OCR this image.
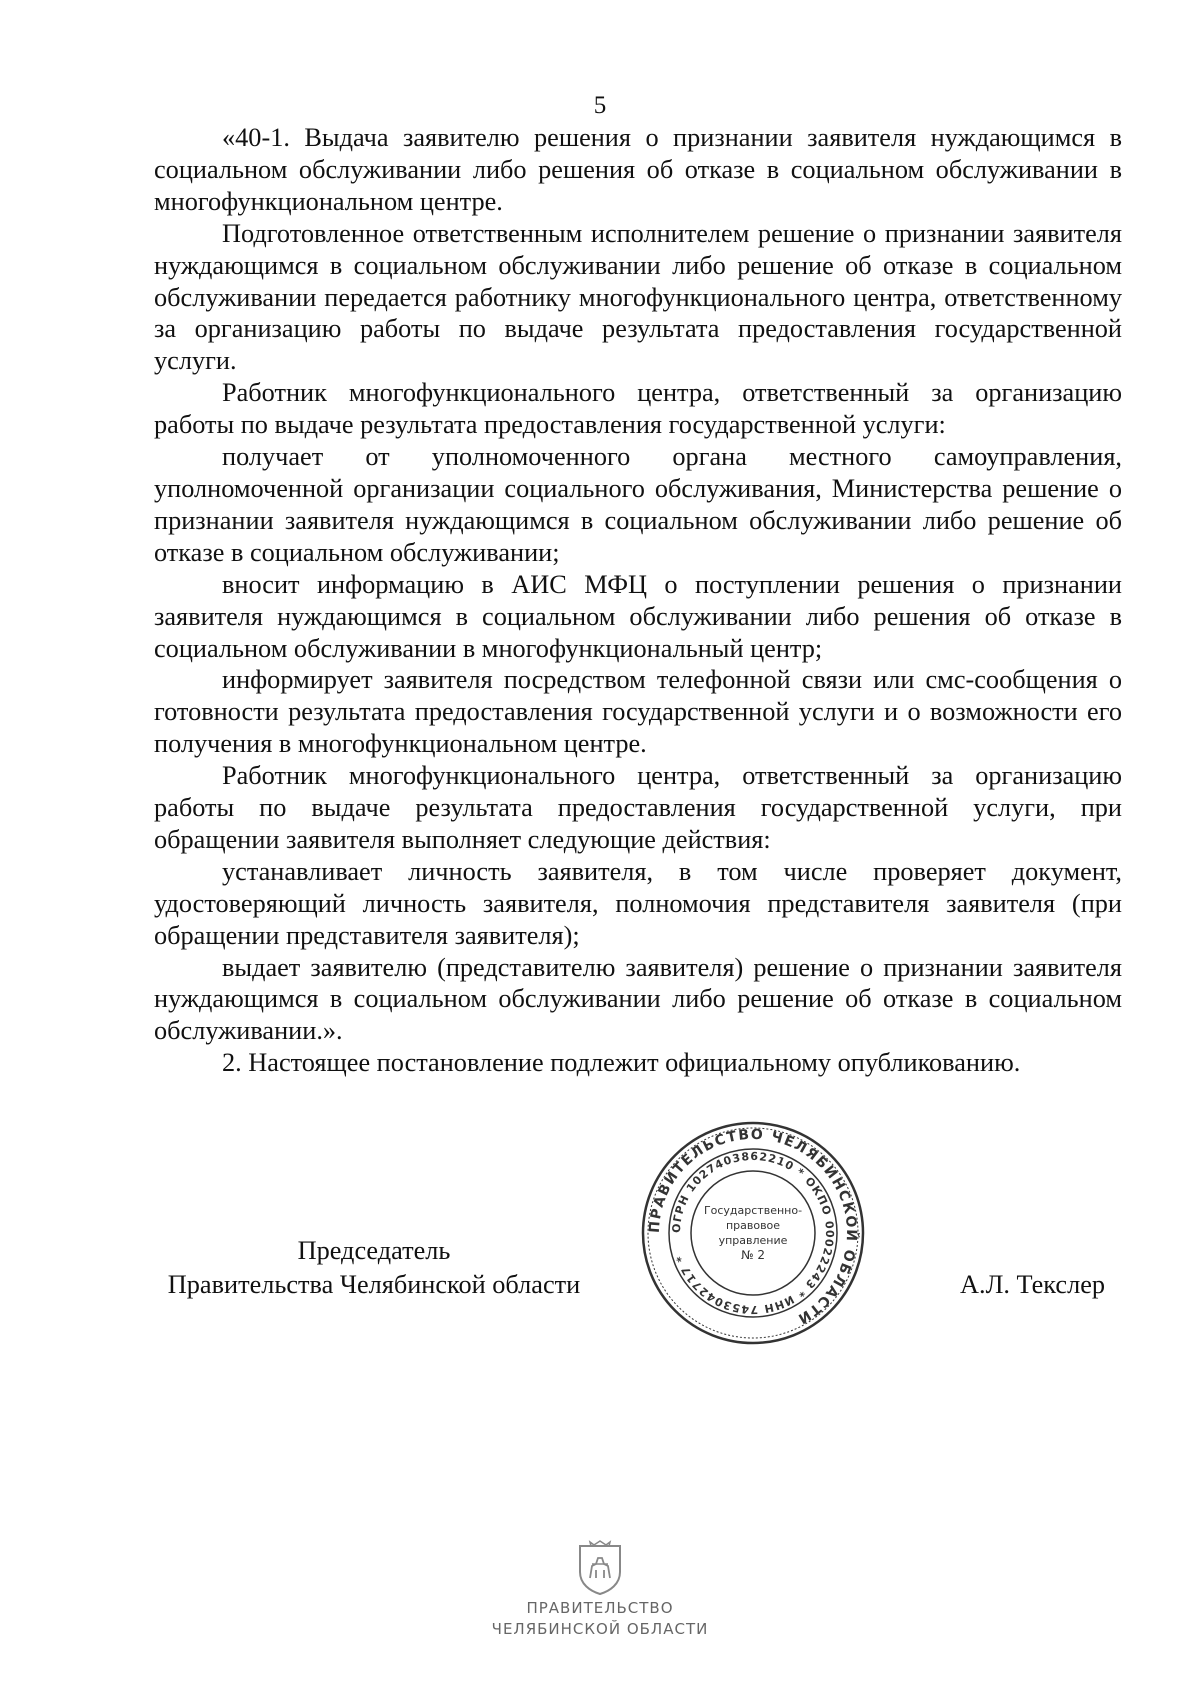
5

«40-1. Выдача заявителю решения о признании заявителя нуждающимся в социальном обслуживании либо решения об отказе в социальном обслуживании в многофункциональном центре.

Подготовленное ответственным исполнителем решение о признании заявителя нуждающимся в социальном обслуживании либо решение об отказе в социальном обслуживании передается работнику многофункционального центра, ответственному за организацию работы по выдаче результата предоставления государственной услуги.

Работник многофункционального центра, ответственный за организацию работы по выдаче результата предоставления государственной услуги:

получает от уполномоченного органа местного самоуправления, уполномоченной организации социального обслуживания, Министерства решение о признании заявителя нуждающимся в социальном обслуживании либо решение об отказе в социальном обслуживании;

вносит информацию в АИС МФЦ о поступлении решения о признании заявителя нуждающимся в социальном обслуживании либо решения об отказе в социальном обслуживании в многофункциональный центр;

информирует заявителя посредством телефонной связи или смс-сообщения о готовности результата предоставления государственной услуги и о возможности его получения в многофункциональном центре.

Работник многофункционального центра, ответственный за организацию работы по выдаче результата предоставления государственной услуги, при обращении заявителя выполняет следующие действия:

устанавливает личность заявителя, в том числе проверяет документ, удостоверяющий личность заявителя, полномочия представителя заявителя (при обращении представителя заявителя);

выдает заявителю (представителю заявителя) решение о признании заявителя нуждающимся в социальном обслуживании либо решение об отказе в социальном обслуживании.».

2. Настоящее постановление подлежит официальному опубликованию.

Председатель
Правительства Челябинской области	А.Л. Текслер
ПРАВИТЕЛЬСТВО ЧЕЛЯБИНСКОЙ ОБЛАСТИ
ОГРН 1027403862210 * ОКПО 00022243 * ИНН 7453042717 *
Государственно-
правовое
управление
№ 2
ПРАВИТЕЛЬСТВО
ЧЕЛЯБИНСКОЙ ОБЛАСТИ
